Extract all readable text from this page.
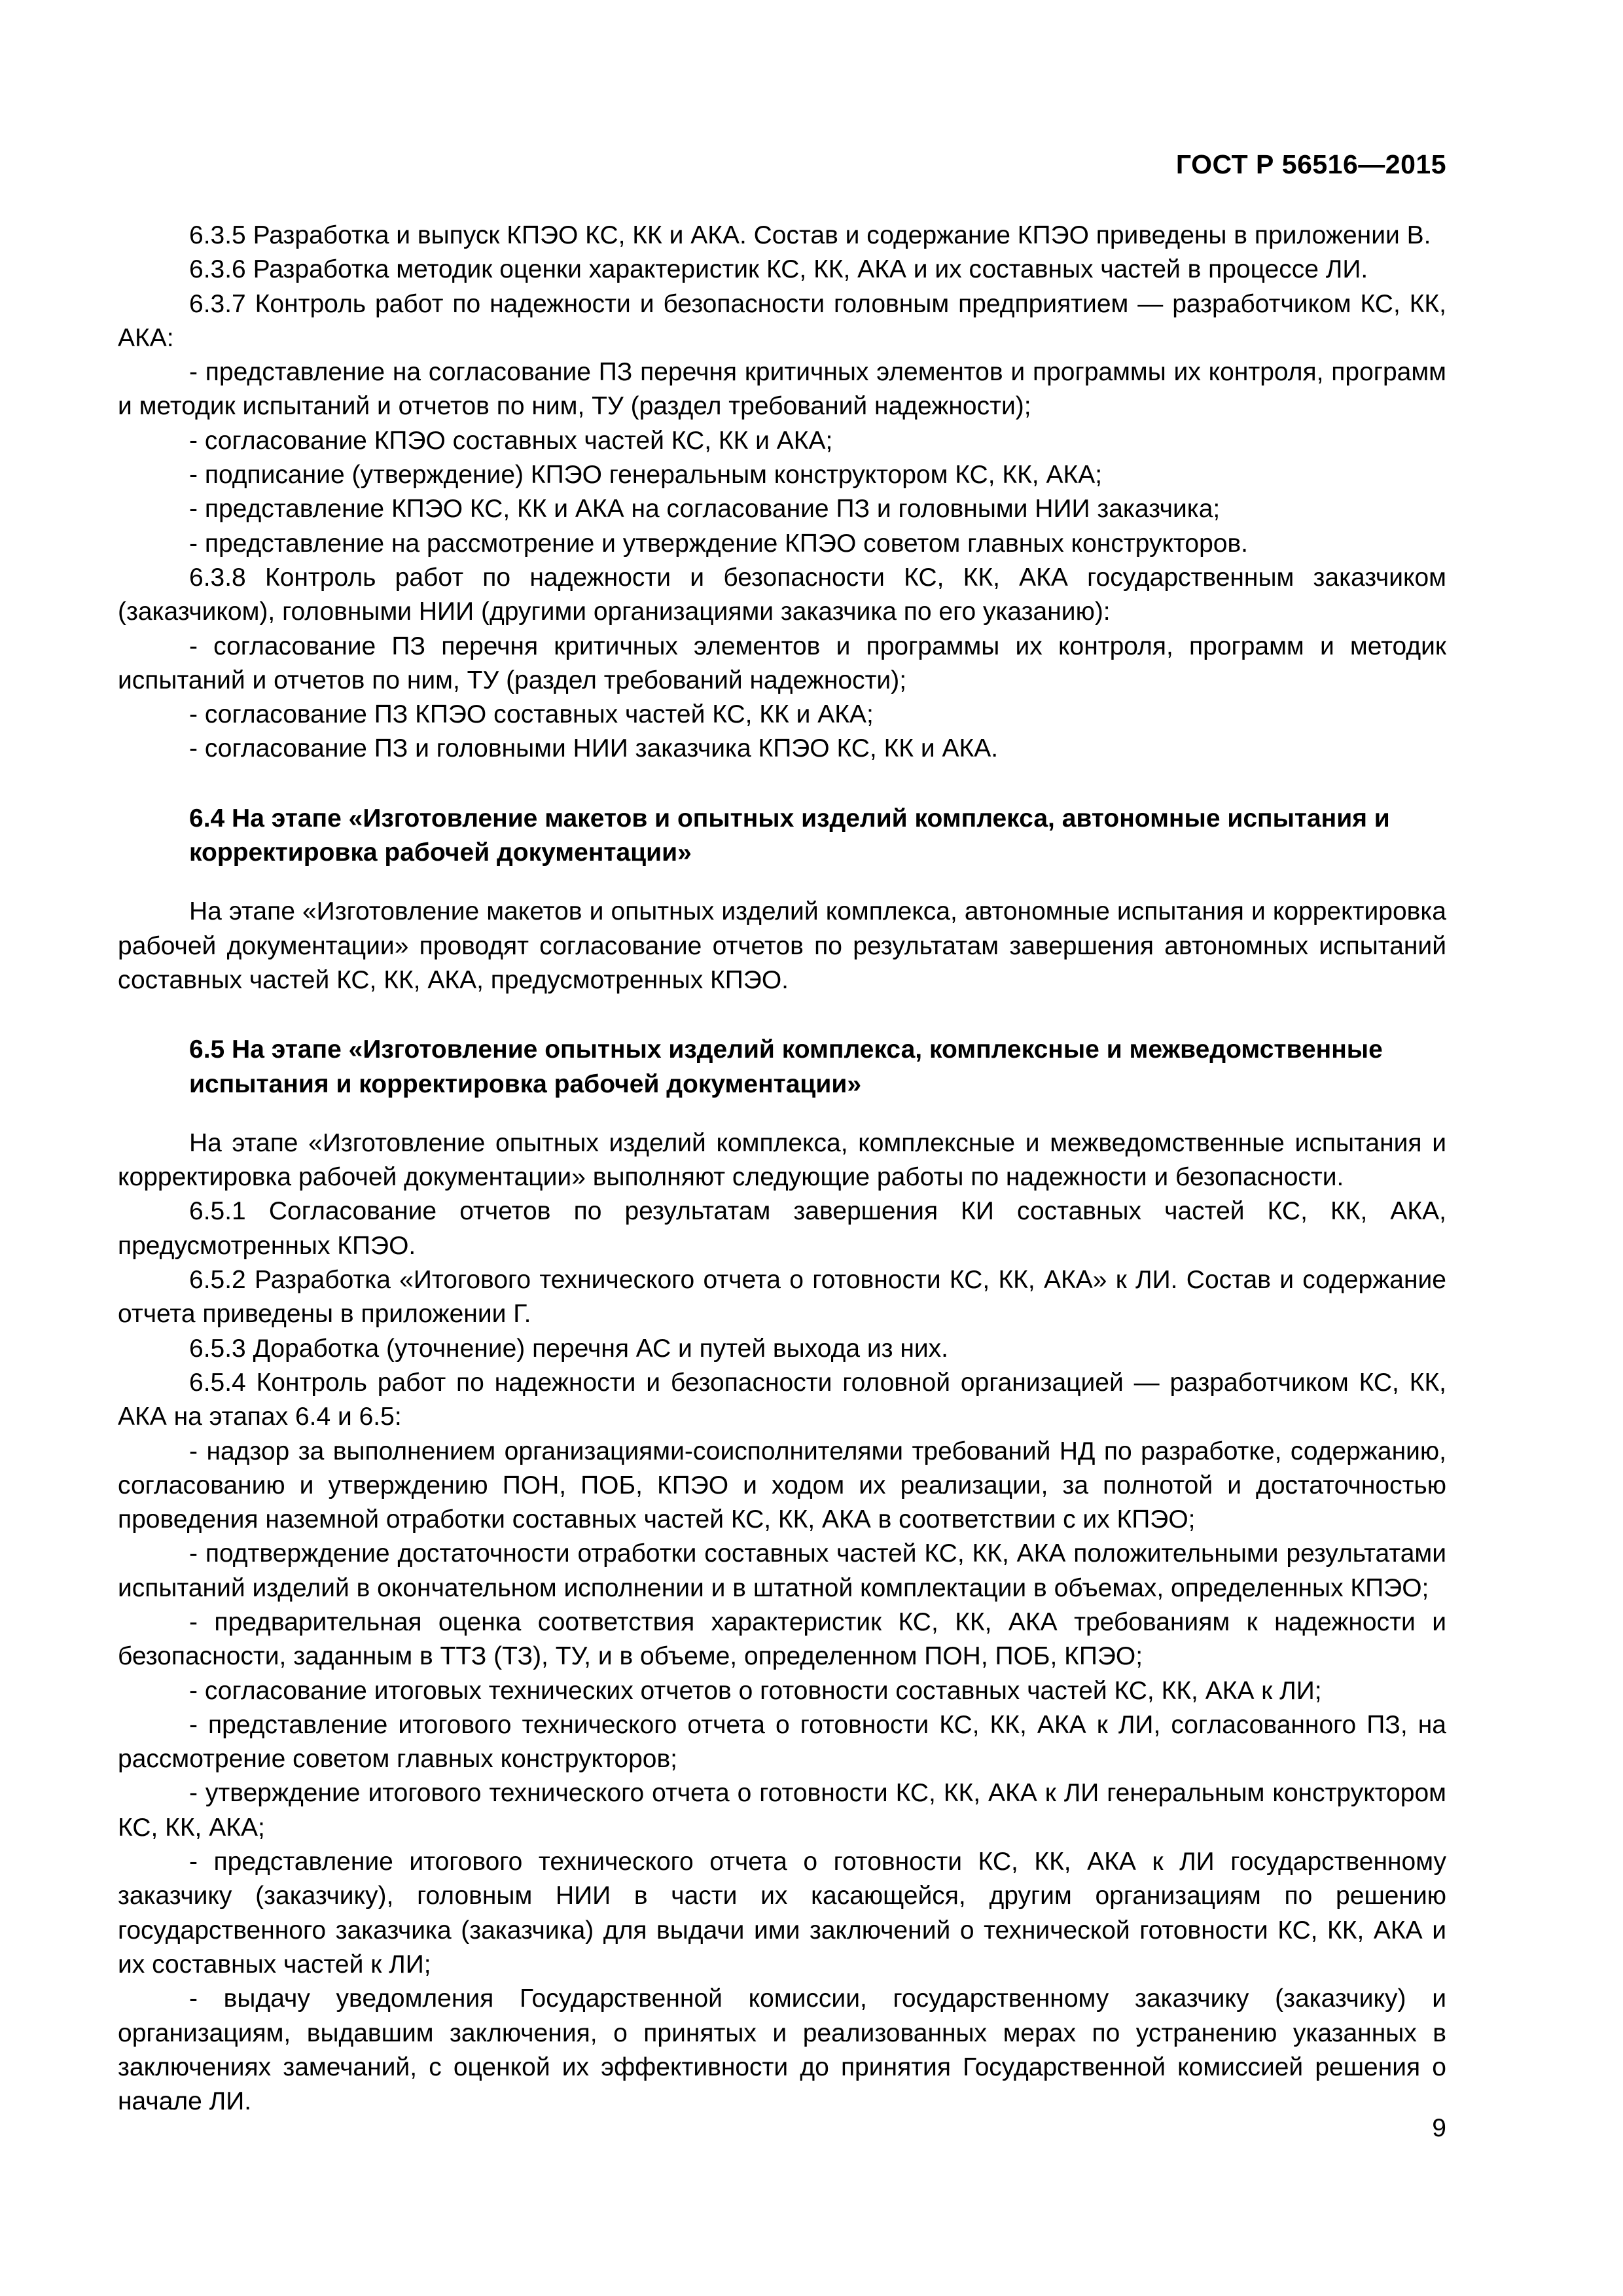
ГОСТ Р 56516—2015

6.3.5 Разработка и выпуск КПЭО КС, КК и АКА. Состав и содержание КПЭО приведены в приложении В.

6.3.6 Разработка методик оценки характеристик КС, КК, АКА и их составных частей в процессе ЛИ.

6.3.7 Контроль работ по надежности и безопасности головным предприятием — разработчиком КС, КК, АКА:

- представление на согласование ПЗ перечня критичных элементов и программы их контроля, программ и методик испытаний и отчетов по ним, ТУ (раздел требований надежности);

- согласование КПЭО составных частей КС, КК и АКА;

- подписание (утверждение) КПЭО генеральным конструктором КС, КК, АКА;

- представление КПЭО КС, КК и АКА на согласование ПЗ и головными НИИ заказчика;

- представление на рассмотрение и утверждение КПЭО советом главных конструкторов.

6.3.8 Контроль работ по надежности и безопасности КС, КК, АКА государственным заказчиком (заказчиком), головными НИИ (другими организациями заказчика по его указанию):

- согласование ПЗ перечня критичных элементов и программы их контроля, программ и методик испытаний и отчетов по ним, ТУ (раздел требований надежности);

- согласование ПЗ КПЭО составных частей КС, КК и АКА;

- согласование ПЗ и головными НИИ заказчика КПЭО КС, КК и АКА.

6.4 На этапе «Изготовление макетов и опытных изделий комплекса, автономные испытания и корректировка рабочей документации»

На этапе «Изготовление макетов и опытных изделий комплекса, автономные испытания и корректировка рабочей документации» проводят согласование отчетов по результатам завершения автономных испытаний составных частей КС, КК, АКА, предусмотренных КПЭО.

6.5 На этапе «Изготовление опытных изделий комплекса, комплексные и межведомственные испытания и корректировка рабочей документации»

На этапе «Изготовление опытных изделий комплекса, комплексные и межведомственные испытания и корректировка рабочей документации» выполняют следующие работы по надежности и безопасности.

6.5.1 Согласование отчетов по результатам завершения КИ составных частей КС, КК, АКА, предусмотренных КПЭО.

6.5.2 Разработка «Итогового технического отчета о готовности КС, КК, АКА» к ЛИ. Состав и содержание отчета приведены в приложении Г.

6.5.3 Доработка (уточнение) перечня АС и путей выхода из них.

6.5.4 Контроль работ по надежности и безопасности головной организацией — разработчиком КС, КК, АКА на этапах 6.4 и 6.5:

- надзор за выполнением организациями-соисполнителями требований НД по разработке, содержанию, согласованию и утверждению ПОН, ПОБ, КПЭО и ходом их реализации, за полнотой и достаточностью проведения наземной отработки составных частей КС, КК, АКА в соответствии с их КПЭО;

- подтверждение достаточности отработки составных частей КС, КК, АКА положительными результатами испытаний изделий в окончательном исполнении и в штатной комплектации в объемах, определенных КПЭО;

- предварительная оценка соответствия характеристик КС, КК, АКА требованиям к надежности и безопасности, заданным в ТТЗ (ТЗ), ТУ, и в объеме, определенном ПОН, ПОБ, КПЭО;

- согласование итоговых технических отчетов о готовности составных частей КС, КК, АКА к ЛИ;

- представление итогового технического отчета о готовности КС, КК, АКА к ЛИ, согласованного ПЗ, на рассмотрение советом главных конструкторов;

- утверждение итогового технического отчета о готовности КС, КК, АКА к ЛИ генеральным конструктором КС, КК, АКА;

- представление итогового технического отчета о готовности КС, КК, АКА к ЛИ государственному заказчику (заказчику), головным НИИ в части их касающейся, другим организациям по решению государственного заказчика (заказчика) для выдачи ими заключений о технической готовности КС, КК, АКА и их составных частей к ЛИ;

- выдачу уведомления Государственной комиссии, государственному заказчику (заказчику) и организациям, выдавшим заключения, о принятых и реализованных мерах по устранению указанных в заключениях замечаний, с оценкой их эффективности до принятия Государственной комиссией решения о начале ЛИ.

9
